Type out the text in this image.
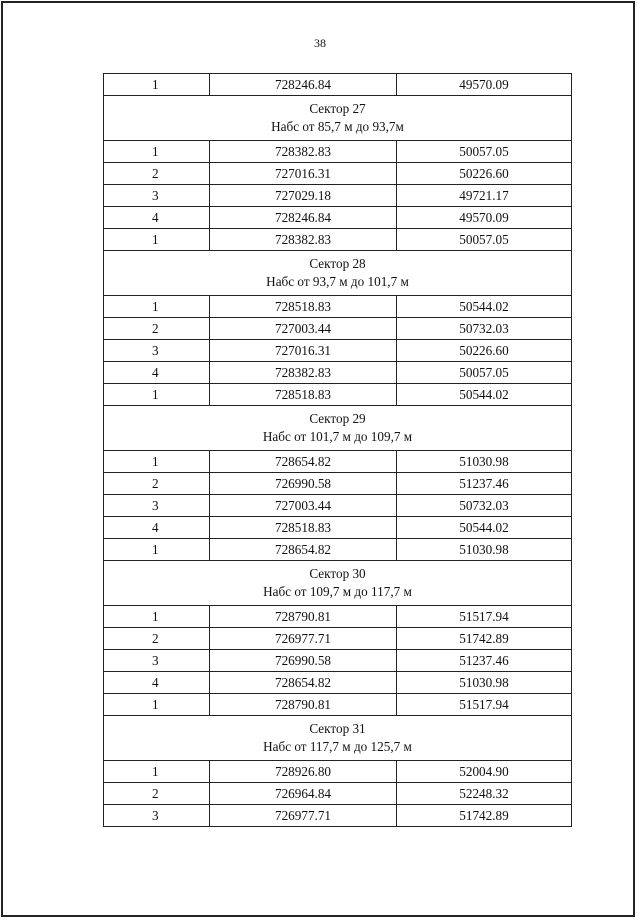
38
1	728246.84	49570.09

Сектор 27
Набс от 85,7 м до 93,7м		

1	728382.83	50057.05
2	727016.31	50226.60
3	727029.18	49721.17
4	728246.84	49570.09
1	728382.83	50057.05

Сектор 28
Набс от 93,7 м до 101,7 м		

1	728518.83	50544.02
2	727003.44	50732.03
3	727016.31	50226.60
4	728382.83	50057.05
1	728518.83	50544.02

Сектор 29
Набс от 101,7 м до 109,7 м		

1	728654.82	51030.98
2	726990.58	51237.46
3	727003.44	50732.03
4	728518.83	50544.02
1	728654.82	51030.98

Сектор 30
Набс от 109,7 м до 117,7 м		

1	728790.81	51517.94
2	726977.71	51742.89
3	726990.58	51237.46
4	728654.82	51030.98
1	728790.81	51517.94

Сектор 31
Набс от 117,7 м до 125,7 м		

1	728926.80	52004.90
2	726964.84	52248.32
3	726977.71	51742.89
